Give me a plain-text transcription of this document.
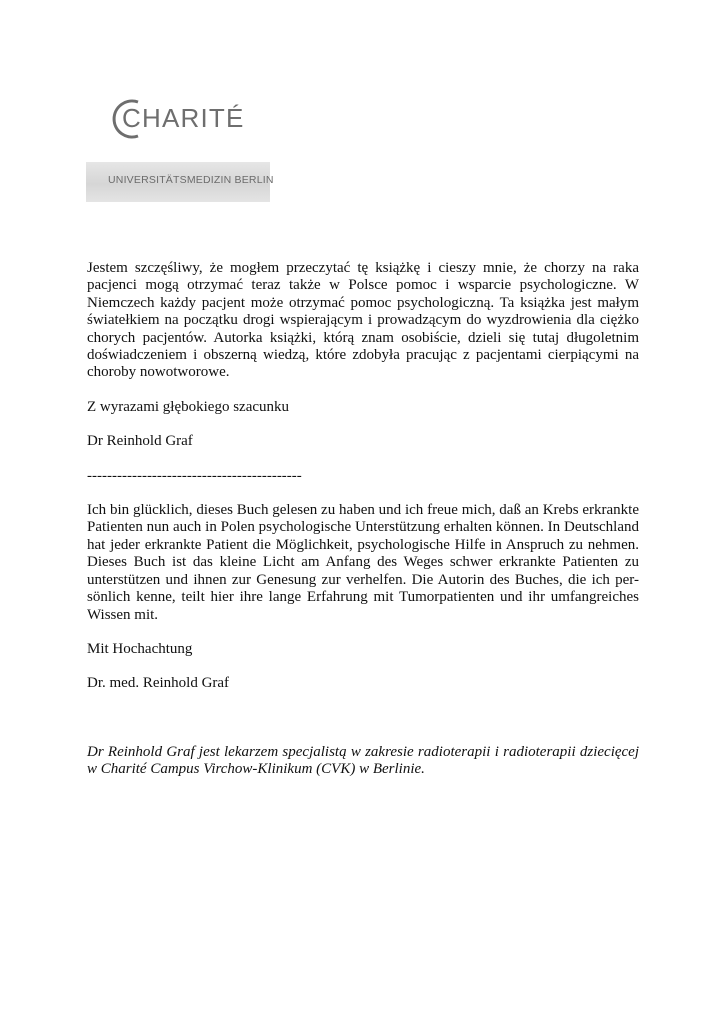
CHARITÉ
UNIVERSITÄTSMEDIZIN BERLIN

Jestem szczęśliwy, że mogłem przeczytać tę książkę i cieszy mnie, że chorzy na raka pacjenci mogą otrzymać teraz także w Polsce pomoc i wsparcie psychologiczne. W Niemczech każdy pacjent może otrzymać pomoc psychologiczną. Ta książka jest małym światełkiem na początku drogi wspierającym i prowadzącym do wyzdrowienia dla ciężko chorych pacjentów. Autorka książki, którą znam osobiście, dzieli się tutaj długoletnim doświadczeniem i obszerną wiedzą, które zdobyła pracując z pacjentami cierpiącymi na choroby nowotworowe.

Z wyrazami głębokiego szacunku

Dr Reinhold Graf

-------------------------------------------

Ich bin glücklich, dieses Buch gelesen zu haben und ich freue mich, daß an Krebs erkrankte Patienten nun auch in Polen psychologische Unterstützung erhalten können. In Deutschland hat jeder erkrankte Patient die Möglichkeit, psychologische Hilfe in Anspruch zu nehmen. Dieses Buch ist das kleine Licht am Anfang des Weges schwer erkrankte Patienten zu unterstützen und ihnen zur Genesung zur verhelfen. Die Autorin des Buches, die ich per-sönlich kenne, teilt hier ihre lange Erfahrung mit Tumorpatienten und ihr umfangreiches Wissen mit.

Mit Hochachtung

Dr. med. Reinhold Graf

Dr Reinhold Graf jest lekarzem specjalistą w zakresie radioterapii i radioterapii dziecięcej w Charité Campus Virchow-Klinikum (CVK) w Berlinie.
